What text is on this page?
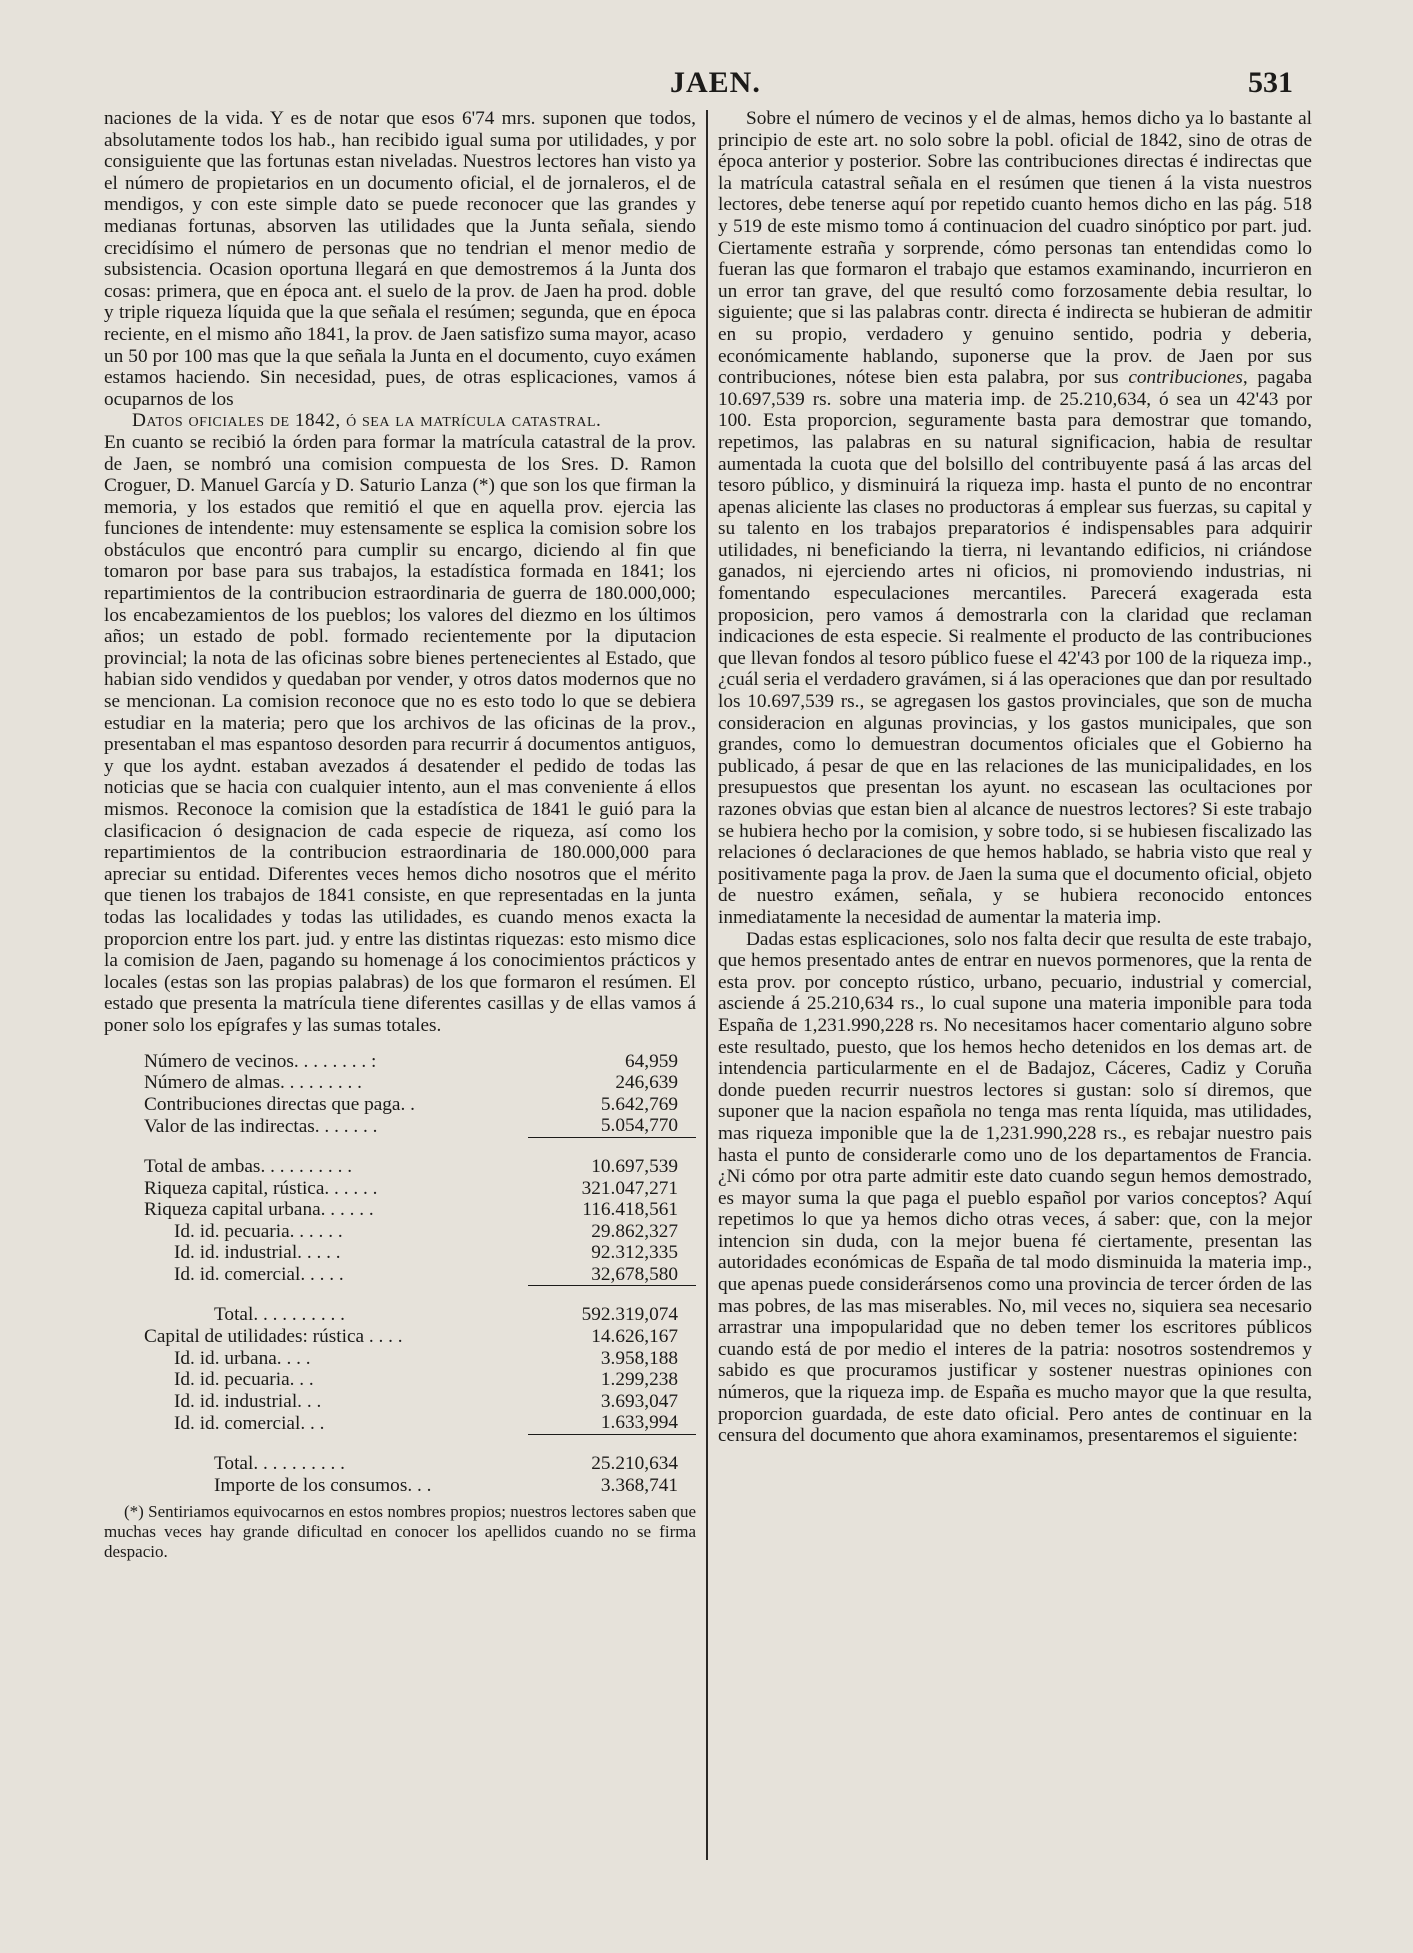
JAEN.	531

naciones de la vida. Y es de notar que esos 6'74 mrs. suponen que todos, absolutamente todos los hab., han recibido igual suma por utilidades, y por consiguiente que las fortunas estan niveladas. Nuestros lectores han visto ya el número de propietarios en un documento oficial, el de jornaleros, el de mendigos, y con este simple dato se puede reconocer que las grandes y medianas fortunas, absorven las utilidades que la Junta señala, siendo crecidísimo el número de personas que no tendrian el menor medio de subsistencia. Ocasion oportuna llegará en que demostremos á la Junta dos cosas: primera, que en época ant. el suelo de la prov. de Jaen ha prod. doble y triple riqueza líquida que la que señala el resúmen; segunda, que en época reciente, en el mismo año 1841, la prov. de Jaen satisfizo suma mayor, acaso un 50 por 100 mas que la que señala la Junta en el documento, cuyo exámen estamos haciendo. Sin necesidad, pues, de otras esplicaciones, vamos á ocuparnos de los

Datos oficiales de 1842, ó sea la matrícula catastral.

En cuanto se recibió la órden para formar la matrícula catastral de la prov. de Jaen, se nombró una comision compuesta de los Sres. D. Ramon Croguer, D. Manuel García y D. Saturio Lanza (*) que son los que firman la memoria, y los estados que remitió el que en aquella prov. ejercia las funciones de intendente: muy estensamente se esplica la comision sobre los obstáculos que encontró para cumplir su encargo, diciendo al fin que tomaron por base para sus trabajos, la estadística formada en 1841; los repartimientos de la contribucion estraordinaria de guerra de 180.000,000; los encabezamientos de los pueblos; los valores del diezmo en los últimos años; un estado de pobl. formado recientemente por la diputacion provincial; la nota de las oficinas sobre bienes pertenecientes al Estado, que habian sido vendidos y quedaban por vender, y otros datos modernos que no se mencionan. La comision reconoce que no es esto todo lo que se debiera estudiar en la materia; pero que los archivos de las oficinas de la prov., presentaban el mas espantoso desorden para recurrir á documentos antiguos, y que los aydnt. estaban avezados á desatender el pedido de todas las noticias que se hacia con cualquier intento, aun el mas conveniente á ellos mismos. Reconoce la comision que la estadística de 1841 le guió para la clasificacion ó designacion de cada especie de riqueza, así como los repartimientos de la contribucion estraordinaria de 180.000,000 para apreciar su entidad. Diferentes veces hemos dicho nosotros que el mérito que tienen los trabajos de 1841 consiste, en que representadas en la junta todas las localidades y todas las utilidades, es cuando menos exacta la proporcion entre los part. jud. y entre las distintas riquezas: esto mismo dice la comision de Jaen, pagando su homenage á los conocimientos prácticos y locales (estas son las propias palabras) de los que formaron el resúmen. El estado que presenta la matrícula tiene diferentes casillas y de ellas vamos á poner solo los epígrafes y las sumas totales.

Número de vecinos. . . . . . . . :	64,959
Número de almas. . . . . . . . .	246,639
Contribuciones directas que paga. .	5.642,769
Valor de las indirectas. . . . . . .	5.054,770
Total de ambas. . . . . . . . . .	10.697,539
Riqueza capital, rústica. . . . . .	321.047,271
Riqueza capital urbana. . . . . .	116.418,561
Id. id. pecuaria. . . . . .	29.862,327
Id. id. industrial. . . . .	92.312,335
Id. id. comercial. . . . .	32,678,580
Total. . . . . . . . . .	592.319,074
Capital de utilidades: rústica . . . .	14.626,167
Id. id. urbana. . . .	3.958,188
Id. id. pecuaria. . .	1.299,238
Id. id. industrial. . .	3.693,047
Id. id. comercial. . .	1.633,994
Total. . . . . . . . . .	25.210,634
Importe de los consumos. . .	3.368,741

(*) Sentiriamos equivocarnos en estos nombres propios; nuestros lectores saben que muchas veces hay grande dificultad en conocer los apellidos cuando no se firma despacio.

Sobre el número de vecinos y el de almas, hemos dicho ya lo bastante al principio de este art. no solo sobre la pobl. oficial de 1842, sino de otras de época anterior y posterior. Sobre las contribuciones directas é indirectas que la matrícula catastral señala en el resúmen que tienen á la vista nuestros lectores, debe tenerse aquí por repetido cuanto hemos dicho en las pág. 518 y 519 de este mismo tomo á continuacion del cuadro sinóptico por part. jud. Ciertamente estraña y sorprende, cómo personas tan entendidas como lo fueran las que formaron el trabajo que estamos examinando, incurrieron en un error tan grave, del que resultó como forzosamente debia resultar, lo siguiente; que si las palabras contr. directa é indirecta se hubieran de admitir en su propio, verdadero y genuino sentido, podria y deberia, económicamente hablando, suponerse que la prov. de Jaen por sus contribuciones, nótese bien esta palabra, por sus contribuciones, pagaba 10.697,539 rs. sobre una materia imp. de 25.210,634, ó sea un 42'43 por 100. Esta proporcion, seguramente basta para demostrar que tomando, repetimos, las palabras en su natural significacion, habia de resultar aumentada la cuota que del bolsillo del contribuyente pasá á las arcas del tesoro público, y disminuirá la riqueza imp. hasta el punto de no encontrar apenas aliciente las clases no productoras á emplear sus fuerzas, su capital y su talento en los trabajos preparatorios é indispensables para adquirir utilidades, ni beneficiando la tierra, ni levantando edificios, ni criándose ganados, ni ejerciendo artes ni oficios, ni promoviendo industrias, ni fomentando especulaciones mercantiles. Parecerá exagerada esta proposicion, pero vamos á demostrarla con la claridad que reclaman indicaciones de esta especie. Si realmente el producto de las contribuciones que llevan fondos al tesoro público fuese el 42'43 por 100 de la riqueza imp., ¿cuál seria el verdadero gravámen, si á las operaciones que dan por resultado los 10.697,539 rs., se agregasen los gastos provinciales, que son de mucha consideracion en algunas provincias, y los gastos municipales, que son grandes, como lo demuestran documentos oficiales que el Gobierno ha publicado, á pesar de que en las relaciones de las municipalidades, en los presupuestos que presentan los ayunt. no escasean las ocultaciones por razones obvias que estan bien al alcance de nuestros lectores? Si este trabajo se hubiera hecho por la comision, y sobre todo, si se hubiesen fiscalizado las relaciones ó declaraciones de que hemos hablado, se habria visto que real y positivamente paga la prov. de Jaen la suma que el documento oficial, objeto de nuestro exámen, señala, y se hubiera reconocido entonces inmediatamente la necesidad de aumentar la materia imp.

Dadas estas esplicaciones, solo nos falta decir que resulta de este trabajo, que hemos presentado antes de entrar en nuevos pormenores, que la renta de esta prov. por concepto rústico, urbano, pecuario, industrial y comercial, asciende á 25.210,634 rs., lo cual supone una materia imponible para toda España de 1,231.990,228 rs. No necesitamos hacer comentario alguno sobre este resultado, puesto, que los hemos hecho detenidos en los demas art. de intendencia particularmente en el de Badajoz, Cáceres, Cadiz y Coruña donde pueden recurrir nuestros lectores si gustan: solo sí diremos, que suponer que la nacion española no tenga mas renta líquida, mas utilidades, mas riqueza imponible que la de 1,231.990,228 rs., es rebajar nuestro pais hasta el punto de considerarle como uno de los departamentos de Francia. ¿Ni cómo por otra parte admitir este dato cuando segun hemos demostrado, es mayor suma la que paga el pueblo español por varios conceptos? Aquí repetimos lo que ya hemos dicho otras veces, á saber: que, con la mejor intencion sin duda, con la mejor buena fé ciertamente, presentan las autoridades económicas de España de tal modo disminuida la materia imp., que apenas puede considerársenos como una provincia de tercer órden de las mas pobres, de las mas miserables. No, mil veces no, siquiera sea necesario arrastrar una impopularidad que no deben temer los escritores públicos cuando está de por medio el interes de la patria: nosotros sostendremos y sabido es que procuramos justificar y sostener nuestras opiniones con números, que la riqueza imp. de España es mucho mayor que la que resulta, proporcion guardada, de este dato oficial. Pero antes de continuar en la censura del documento que ahora examinamos, presentaremos el siguiente:
